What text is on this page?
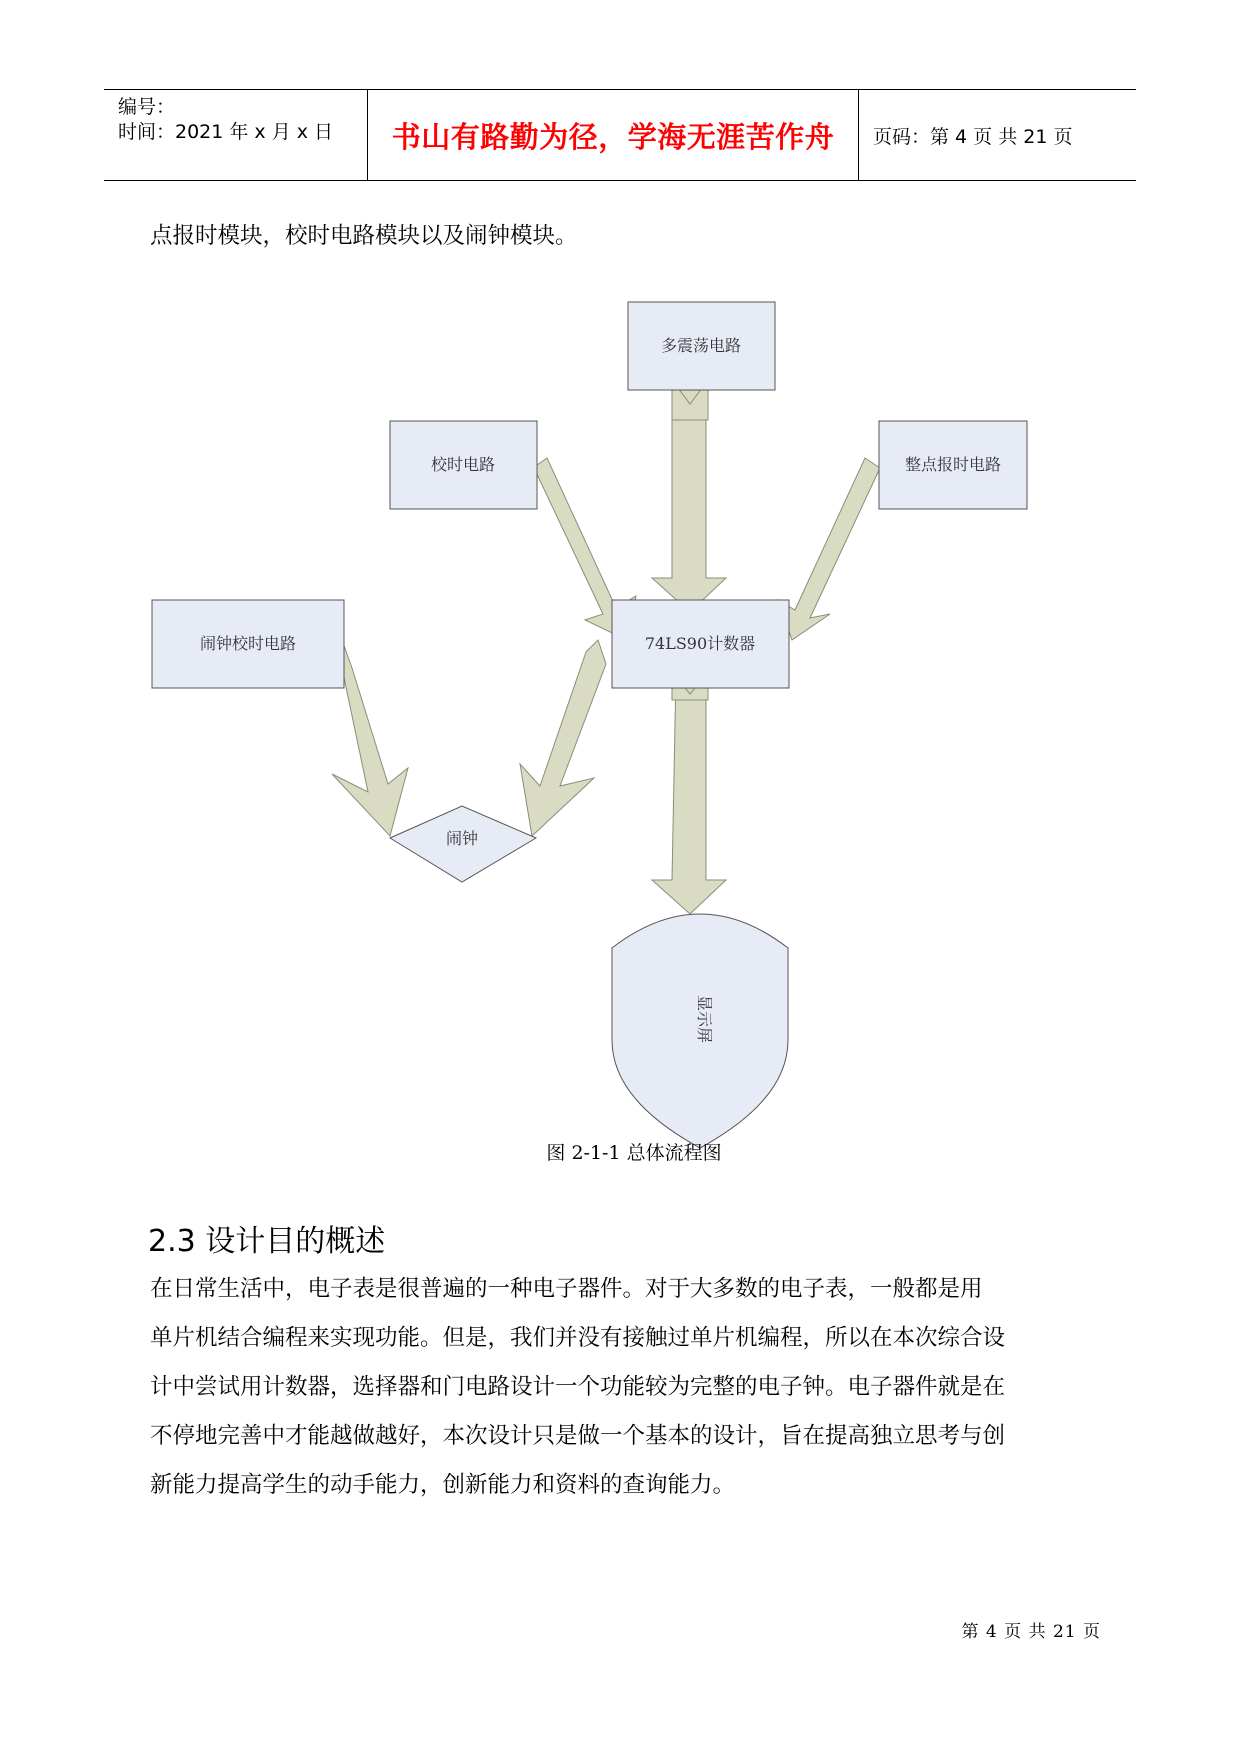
编号：
时间：2021 年 x 月 x 日 书山有路勤为径，学海无涯苦作舟 页码：第 4 页 共 21 页
点报时模块，校时电路模块以及闹钟模块。
多震荡电路
校时电路	整点报时电路
闹钟校时电路	74LS90计数器
闹钟
显示屏
图 2-1-1 总体流程图
2.3 设计目的概述
在日常生活中，电子表是很普遍的一种电子器件。对于大多数的电子表，一般都是用
单片机结合编程来实现功能。但是，我们并没有接触过单片机编程，所以在本次综合设
计中尝试用计数器，选择器和门电路设计一个功能较为完整的电子钟。电子器件就是在
不停地完善中才能越做越好，本次设计只是做一个基本的设计，旨在提高独立思考与创
新能力提高学生的动手能力，创新能力和资料的查询能力。
第 4 页 共 21 页
